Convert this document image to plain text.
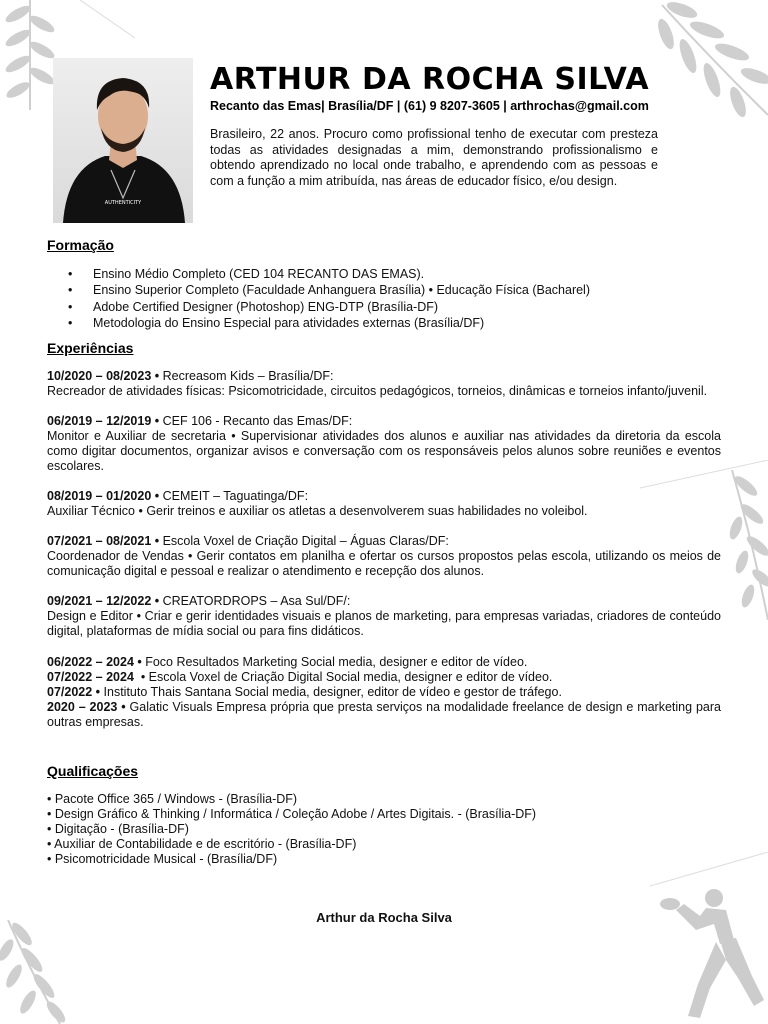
AUTHENTICITY
ARTHUR DA ROCHA SILVA
Recanto das Emas| Brasília/DF | (61) 9 8207-3605 | arthrochas@gmail.com
Brasileiro, 22 anos. Procuro como profissional tenho de executar com presteza todas as atividades designadas a mim, demonstrando profissionalismo e obtendo aprendizado no local onde trabalho, e aprendendo com as pessoas e com a função a mim atribuída, nas áreas de educador físico, e/ou design.
Formação
• Ensino Médio Completo (CED 104 RECANTO DAS EMAS).
• Ensino Superior Completo (Faculdade Anhanguera Brasília) • Educação Física (Bacharel)
• Adobe Certified Designer (Photoshop) ENG-DTP (Brasília-DF)
• Metodologia do Ensino Especial para atividades externas (Brasília/DF)
Experiências
10/2020 – 08/2023 • Recreasom Kids – Brasília/DF:
Recreador de atividades físicas: Psicomotricidade, circuitos pedagógicos, torneios, dinâmicas e torneios infanto/juvenil.
06/2019 – 12/2019 • CEF 106 - Recanto das Emas/DF:
Monitor e Auxiliar de secretaria • Supervisionar atividades dos alunos e auxiliar nas atividades da diretoria da escola como digitar documentos, organizar avisos e conversação com os responsáveis pelos alunos sobre reuniões e eventos escolares.
08/2019 – 01/2020 • CEMEIT – Taguatinga/DF:
Auxiliar Técnico • Gerir treinos e auxiliar os atletas a desenvolverem suas habilidades no voleibol.
07/2021 – 08/2021 • Escola Voxel de Criação Digital – Águas Claras/DF:
Coordenador de Vendas • Gerir contatos em planilha e ofertar os cursos propostos pelas escola, utilizando os meios de comunicação digital e pessoal e realizar o atendimento e recepção dos alunos.
09/2021 – 12/2022 • CREATORDROPS – Asa Sul/DF/:
Design e Editor • Criar e gerir identidades visuais e planos de marketing, para empresas variadas, criadores de conteúdo digital, plataformas de mídia social ou para fins didáticos.
06/2022 – 2024 • Foco Resultados Marketing Social media, designer e editor de vídeo.
07/2022 – 2024  • Escola Voxel de Criação Digital Social media, designer e editor de vídeo.
07/2022 • Instituto Thais Santana Social media, designer, editor de vídeo e gestor de tráfego.
2020 – 2023 • Galatic Visuals Empresa própria que presta serviços na modalidade freelance de design e marketing para outras empresas.
Qualificações
• Pacote Office 365 / Windows - (Brasília-DF)
• Design Gráfico & Thinking / Informática / Coleção Adobe / Artes Digitais. - (Brasília-DF)
• Digitação - (Brasília-DF)
• Auxiliar de Contabilidade e de escritório - (Brasília-DF)
• Psicomotricidade Musical - (Brasília/DF)
Arthur da Rocha Silva
